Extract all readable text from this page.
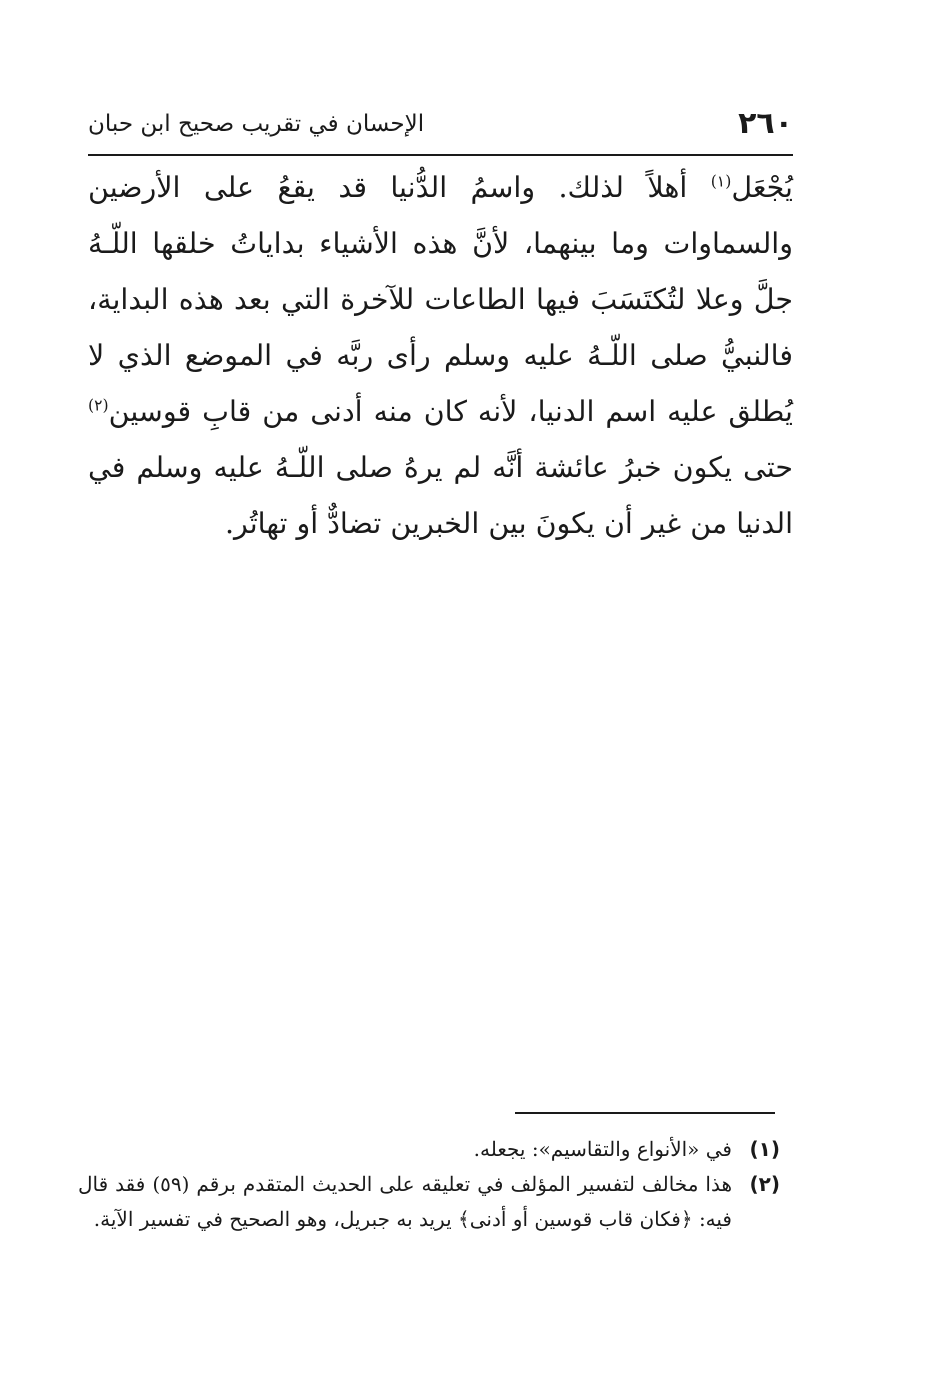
٢٦٠
الإحسان في تقريب صحيح ابن حبان
يُجْعَل$^{(١)}$ أهلاً لذلك. واسمُ الدُّنيا قد يقعُ على الأرضين والسماوات وما بينهما، لأنَّ هذه الأشياء بداياتُ خلقها اللّـهُ جلَّ وعلا لتُكتَسَبَ فيها الطاعات للآخرة التي بعد هذه البداية، فالنبيُّ صلى اللّـهُ عليه وسلم رأى ربَّه في الموضع الذي لا يُطلق عليه اسم الدنيا، لأنه كان منه أدنى من قابِ قوسين$^{(٢)}$ حتى يكون خبرُ عائشة أنَّه لم يرهُ صلى اللّـهُ عليه وسلم في الدنيا من غير أن يكونَ بين الخبرين تضادٌّ أو تهاتُر.
(١)
في «الأنواع والتقاسيم»: يجعله.
(٢)
هذا مخالف لتفسير المؤلف في تعليقه على الحديث المتقدم برقم (٥٩) فقد قال فيه: ﴿فكان قاب قوسين أو أدنى﴾ يريد به جبريل، وهو الصحيح في تفسير الآية.
